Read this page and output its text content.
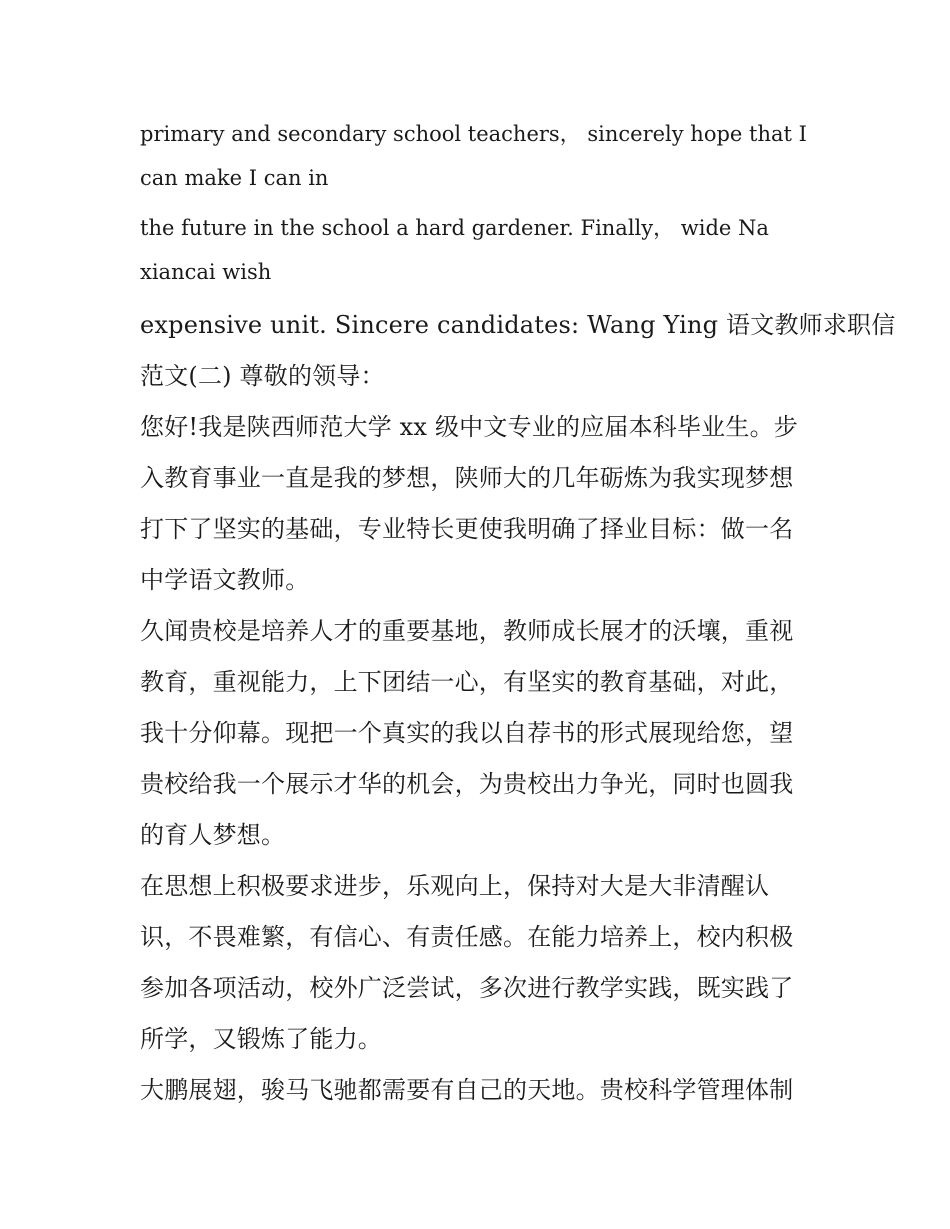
primary and secondary school teachers， sincerely hope that I

can make I can in

the future in the school a hard gardener. Finally， wide Na

xiancai wish

expensive unit. Sincere candidates: Wang Ying 语文教师求职信

范文(二) 尊敬的领导：

您好!我是陕西师范大学 xx 级中文专业的应届本科毕业生。步

入教育事业一直是我的梦想，陕师大的几年砺炼为我实现梦想

打下了坚实的基础，专业特长更使我明确了择业目标：做一名

中学语文教师。

久闻贵校是培养人才的重要基地，教师成长展才的沃壤，重视

教育，重视能力，上下团结一心，有坚实的教育基础，对此，

我十分仰幕。现把一个真实的我以自荐书的形式展现给您，望

贵校给我一个展示才华的机会，为贵校出力争光，同时也圆我

的育人梦想。

在思想上积极要求进步，乐观向上，保持对大是大非清醒认

识，不畏难繁，有信心、有责任感。在能力培养上，校内积极

参加各项活动，校外广泛尝试，多次进行教学实践，既实践了

所学，又锻炼了能力。

大鹏展翅，骏马飞驰都需要有自己的天地。贵校科学管理体制
